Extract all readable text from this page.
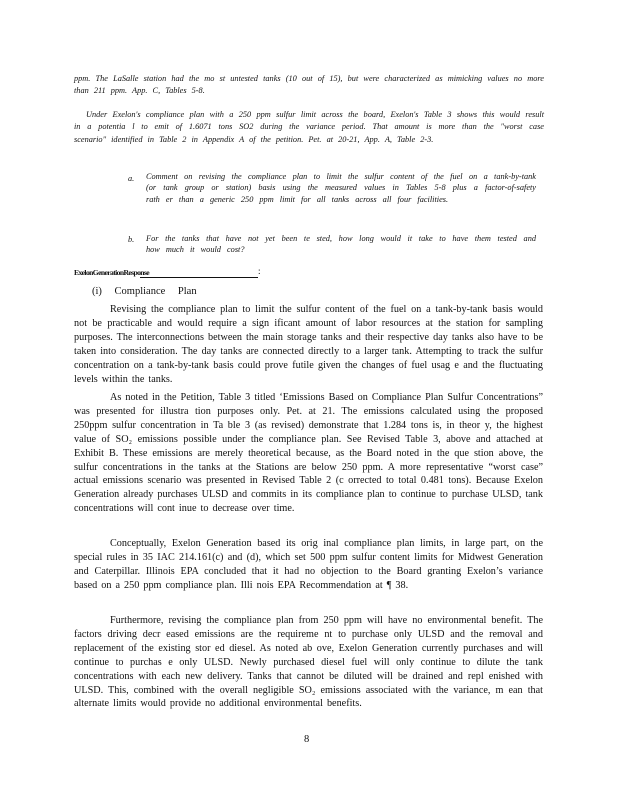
ppm. The LaSalle station had the mo st untested tanks (10 out of 15), but were characterized as mimicking values no more than 211 ppm. App. C, Tables 5-8.
Under Exelon's compliance plan with a 250 ppm sulfur limit across the board, Exelon's Table 3 shows this would result in a potentia l to emit of 1.6071 tons SO2 during the variance period. That amount is more than the "worst case scenario" identified in Table 2 in Appendix A of the petition. Pet. at 20-21, App. A, Table 2-3.
a. Comment on revising the compliance plan to limit the sulfur content of the fuel on a tank-by-tank (or tank group or station) basis using the measured values in Tables 5-8 plus a factor-of-safety rath er than a generic 250 ppm limit for all tanks across all four facilities.
b. For the tanks that have not yet been te sted, how long would it take to have them tested and how much it would cost?
ExelonGenerationResponse	:
(i) Compliance Plan
Revising the compliance plan to limit the sulfur content of the fuel on a tank-by-tank basis would not be practicable and would require a sign ificant amount of labor resources at the station for sampling purposes. The interconnections between the main storage tanks and their respective day tanks also have to be taken into consideration. The day tanks are connected directly to a larger tank. Attempting to track the sulfur concentration on a tank-by-tank basis could prove futile given the changes of fuel usag e and the fluctuating levels within the tanks.
As noted in the Petition, Table 3 titled ‘Emissions Based on Compliance Plan Sulfur Concentrations” was presented for illustra tion purposes only. Pet. at 21. The emissions calculated using the proposed 250ppm sulfur concentration in Ta ble 3 (as revised) demonstrate that 1.284 tons is, in theor y, the highest value of SO₂ emissions possible under the compliance plan. See Revised Table 3, above and attached at Exhibit B. These emissions are merely theoretical because, as the Board noted in the que stion above, the sulfur concentrations in the tanks at the Stations are below 250 ppm. A more representative “worst case” actual emissions scenario was presented in Revised Table 2 (c orrected to total 0.481 tons). Because Exelon Generation already purchases ULSD and commits in its compliance plan to continue to purchase ULSD, tank concentrations will cont inue to decrease over time.
Conceptually, Exelon Generation based its orig inal compliance plan limits, in large part, on the special rules in 35 IAC 214.161(c) and (d), which set 500 ppm sulfur content limits for Midwest Generation and Caterpillar. Illinois EPA concluded that it had no objection to the Board granting Exelon’s variance based on a 250 ppm compliance plan. Illi nois EPA Recommendation at ¶ 38.
Furthermore, revising the compliance plan from 250 ppm will have no environmental benefit. The factors driving decr eased emissions are the requireme nt to purchase only ULSD and the removal and replacement of the existing stor ed diesel. As noted ab ove, Exelon Generation currently purchases and will continue to purchas e only ULSD. Newly purchased diesel fuel will only continue to dilute the tank concentrations with each new delivery. Tanks that cannot be diluted will be drained and repl enished with ULSD. This, combined with the overall negligible SO₂ emissions associated with the variance, m ean that alternate limits would provide no additional environmental benefits.
8
